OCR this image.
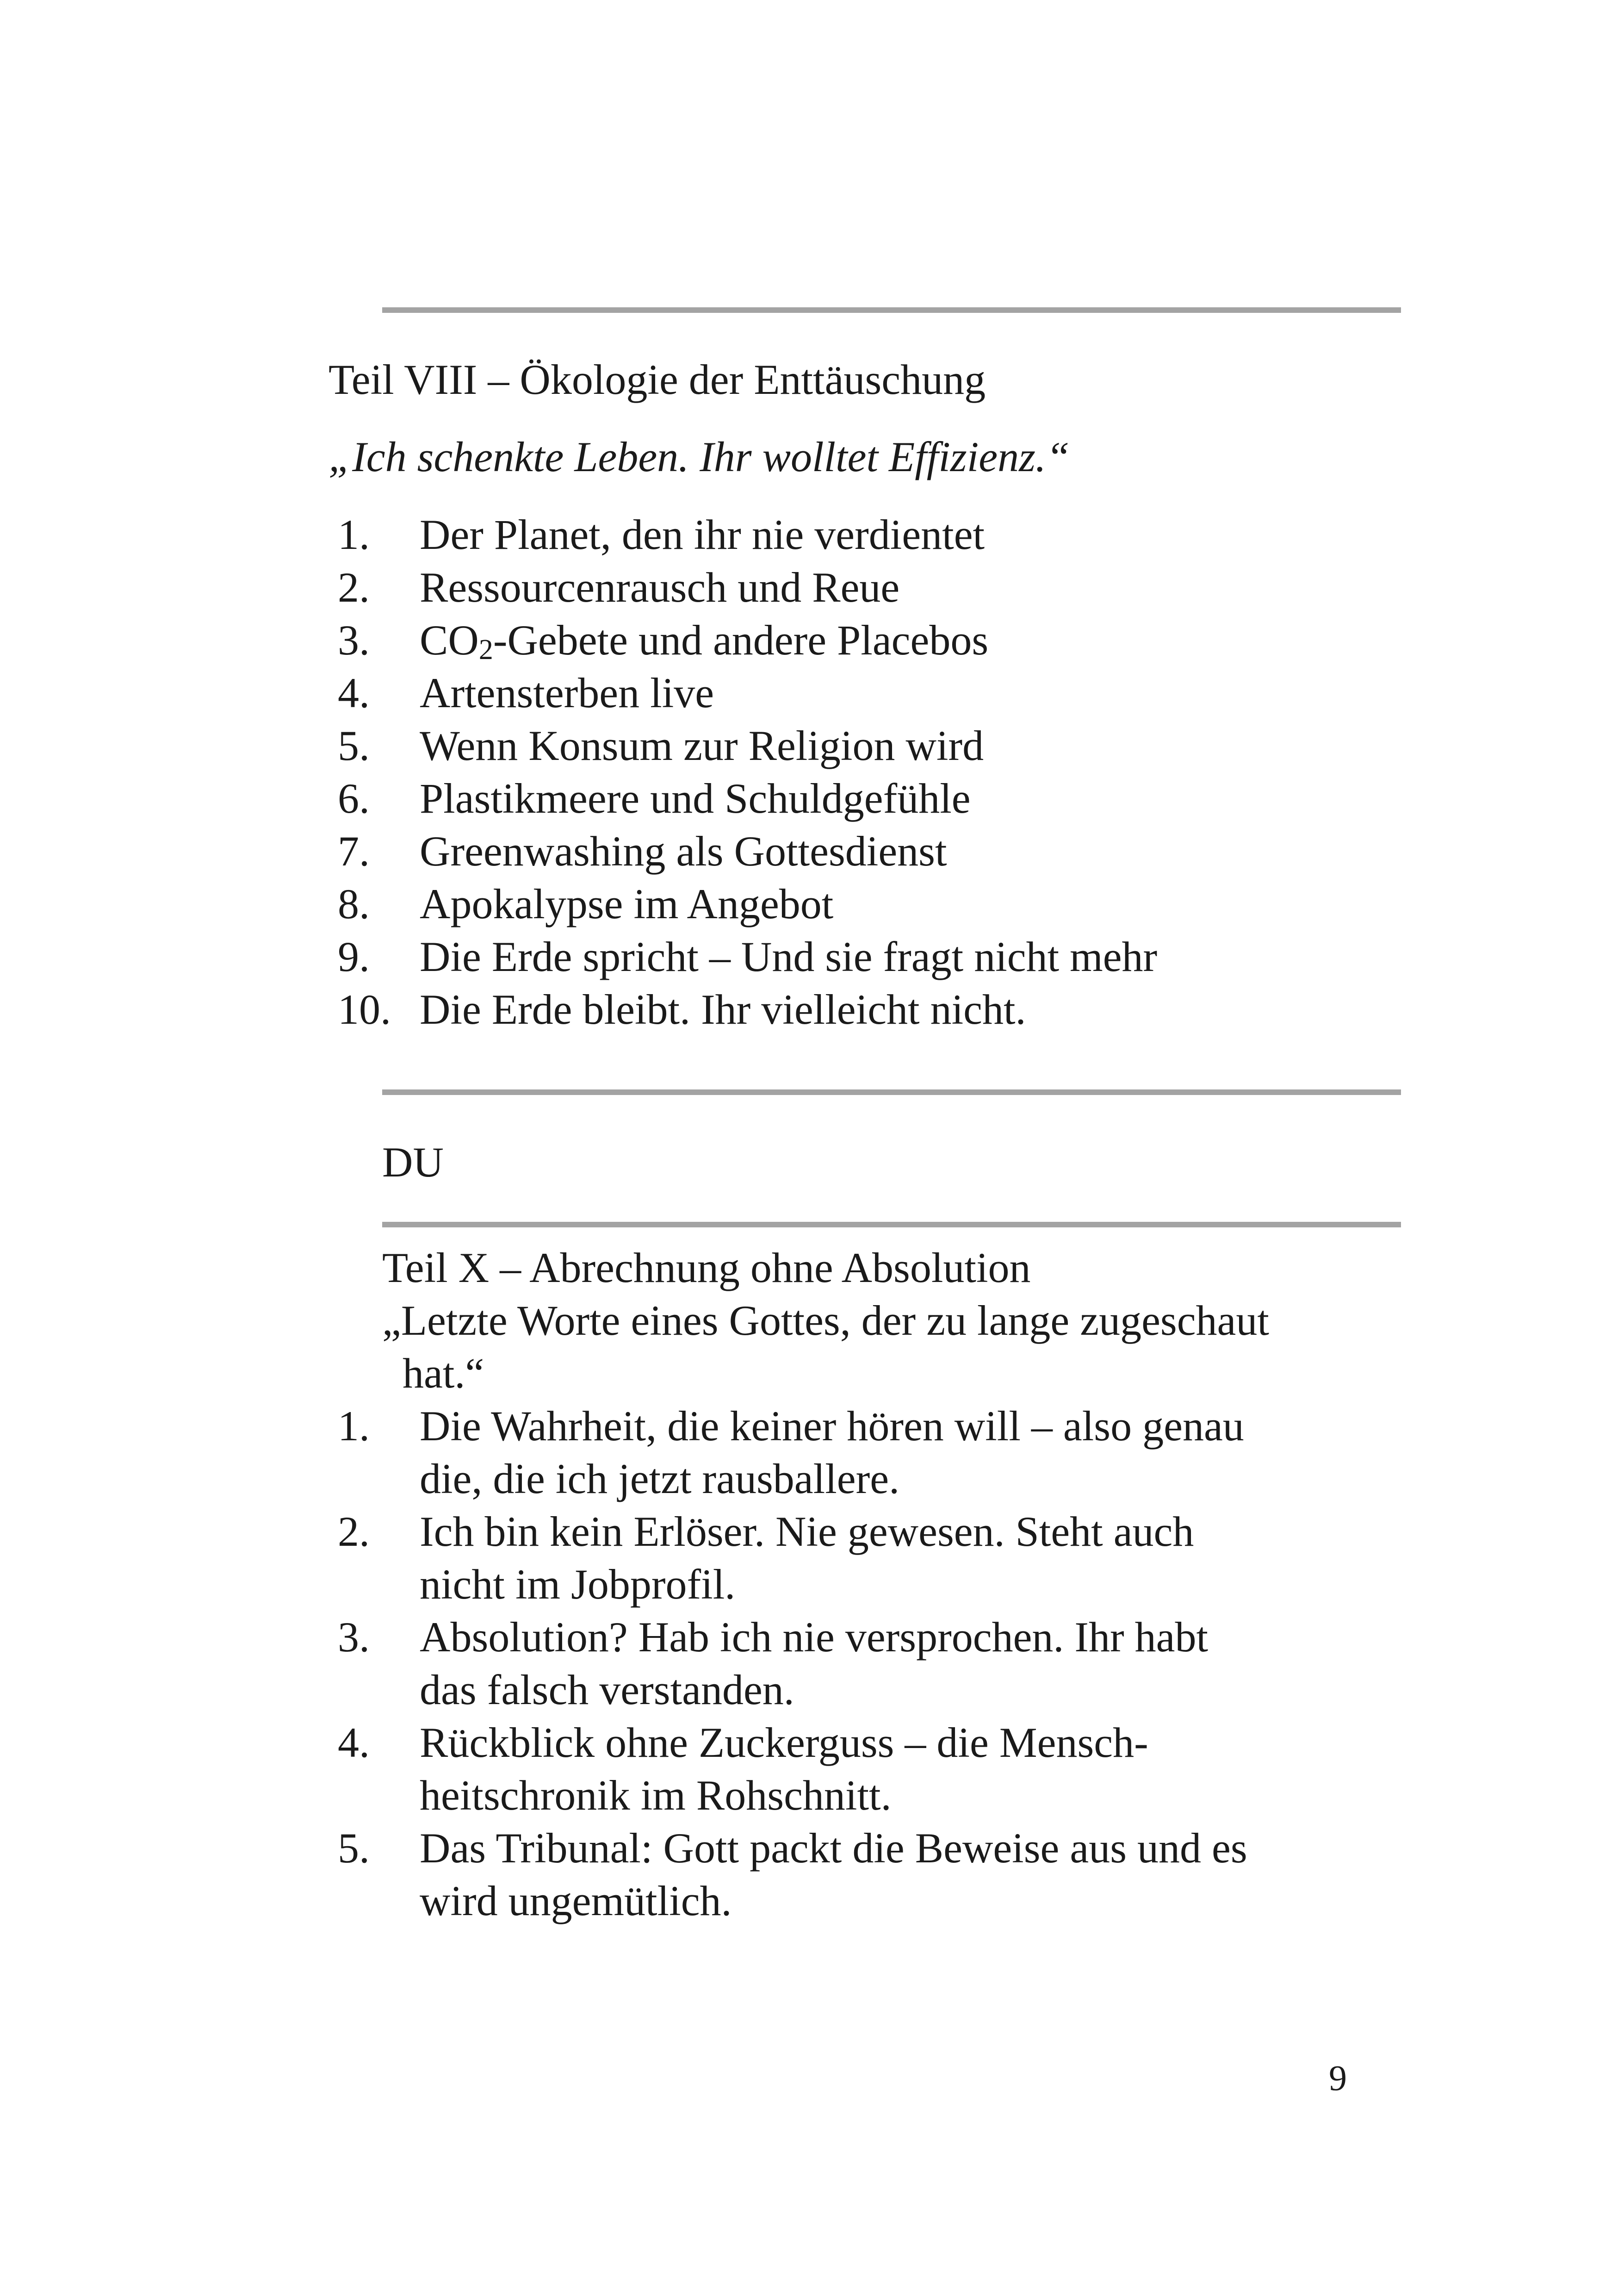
Teil VIII – Ökologie der Enttäuschung
„Ich schenkte Leben. Ihr wolltet Effizienz.“
1. Der Planet, den ihr nie verdientet
2. Ressourcenrausch und Reue
3. $CO_2$-Gebete und andere Placebos
4. Artensterben live
5. Wenn Konsum zur Religion wird
6. Plastikmeere und Schuldgefühle
7. Greenwashing als Gottesdienst
8. Apokalypse im Angebot
9. Die Erde spricht – Und sie fragt nicht mehr
10. Die Erde bleibt. Ihr vielleicht nicht.
DU
Teil X – Abrechnung ohne Absolution
„Letzte Worte eines Gottes, der zu lange zugeschaut
hat.“
1. Die Wahrheit, die keiner hören will – also genau
die, die ich jetzt rausballere.
2. Ich bin kein Erlöser. Nie gewesen. Steht auch
nicht im Jobprofil.
3. Absolution? Hab ich nie versprochen. Ihr habt
das falsch verstanden.
4. Rückblick ohne Zuckerguss – die Mensch-
heitschronik im Rohschnitt.
5. Das Tribunal: Gott packt die Beweise aus und es
wird ungemütlich.
9
